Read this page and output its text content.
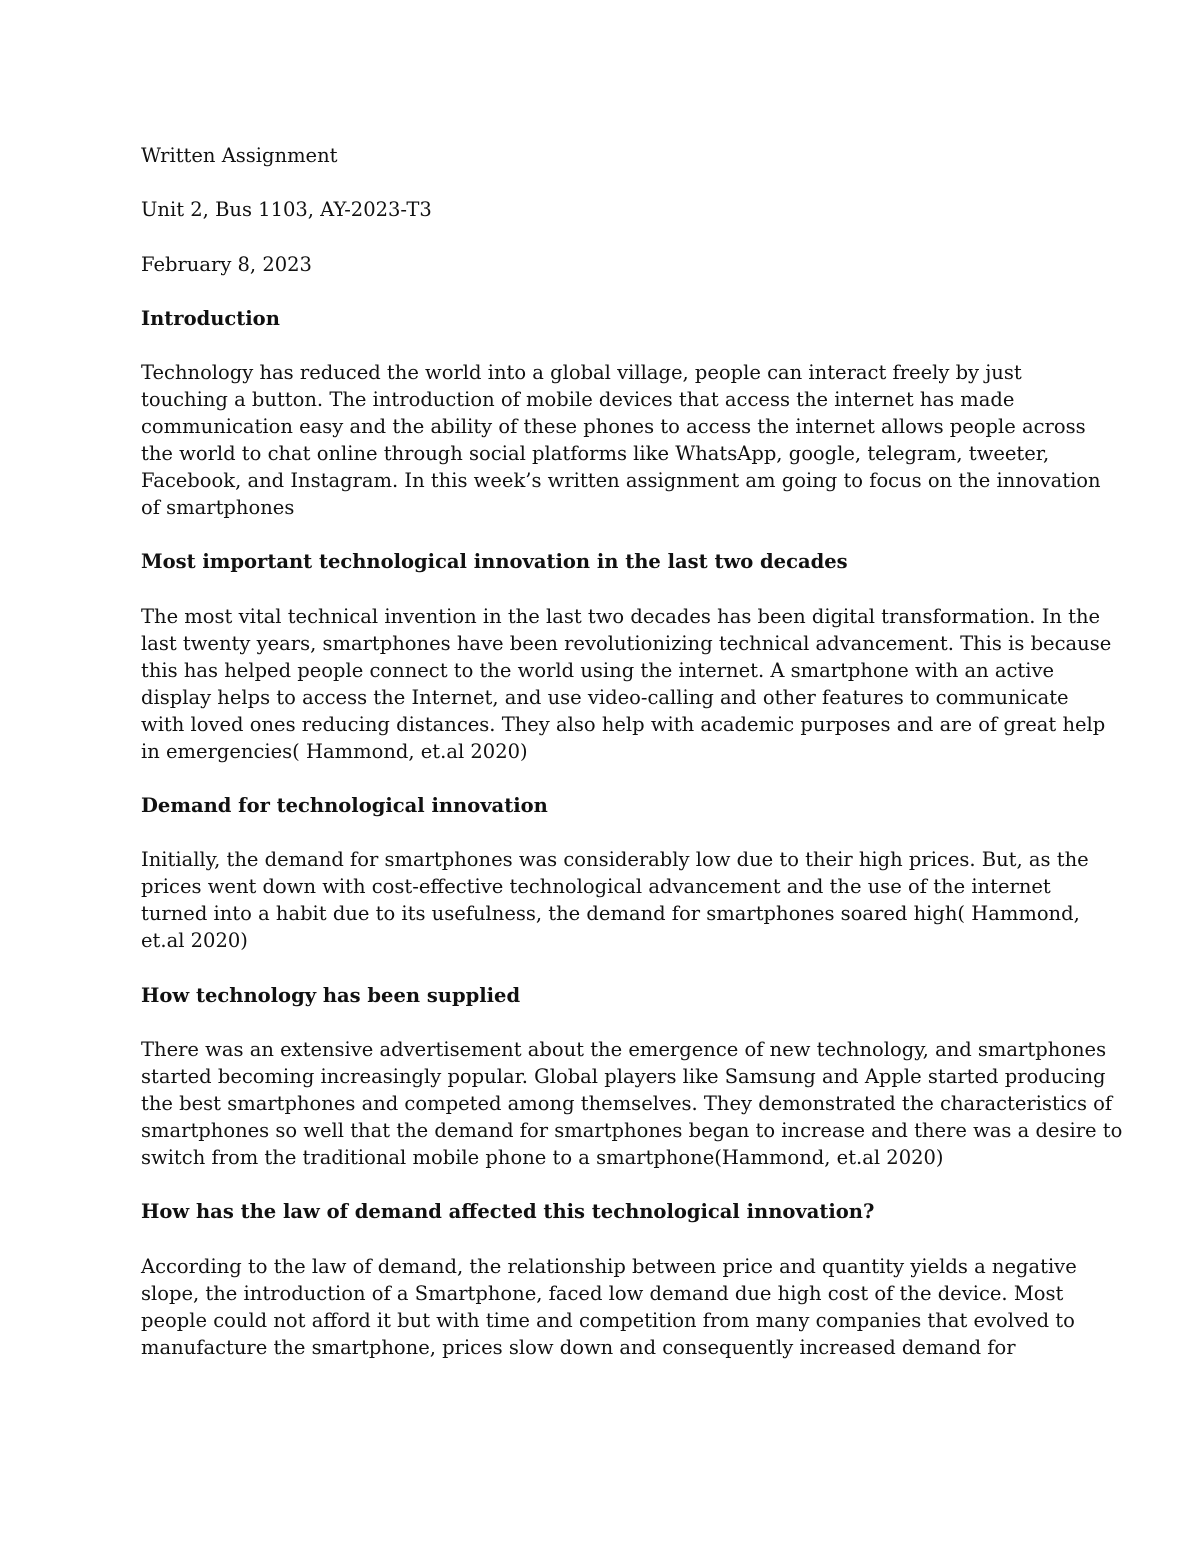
Written Assignment
Unit 2, Bus 1103, AY-2023-T3
February 8, 2023
Introduction
Technology has reduced the world into a global village, people can interact freely by just
touching a button. The introduction of mobile devices that access the internet has made
communication easy and the ability of these phones to access the internet allows people across
the world to chat online through social platforms like WhatsApp, google, telegram, tweeter,
Facebook, and Instagram. In this week’s written assignment am going to focus on the innovation
of smartphones
Most important technological innovation in the last two decades
The most vital technical invention in the last two decades has been digital transformation. In the
last twenty years, smartphones have been revolutionizing technical advancement. This is because
this has helped people connect to the world using the internet. A smartphone with an active
display helps to access the Internet, and use video-calling and other features to communicate
with loved ones reducing distances. They also help with academic purposes and are of great help
in emergencies( Hammond, et.al 2020)
Demand for technological innovation
Initially, the demand for smartphones was considerably low due to their high prices. But, as the
prices went down with cost-effective technological advancement and the use of the internet
turned into a habit due to its usefulness, the demand for smartphones soared high( Hammond,
et.al 2020)
How technology has been supplied
There was an extensive advertisement about the emergence of new technology, and smartphones
started becoming increasingly popular. Global players like Samsung and Apple started producing
the best smartphones and competed among themselves. They demonstrated the characteristics of
smartphones so well that the demand for smartphones began to increase and there was a desire to
switch from the traditional mobile phone to a smartphone(Hammond, et.al 2020)
How has the law of demand affected this technological innovation?
According to the law of demand, the relationship between price and quantity yields a negative
slope, the introduction of a Smartphone, faced low demand due high cost of the device. Most
people could not afford it but with time and competition from many companies that evolved to
manufacture the smartphone, prices slow down and consequently increased demand for
